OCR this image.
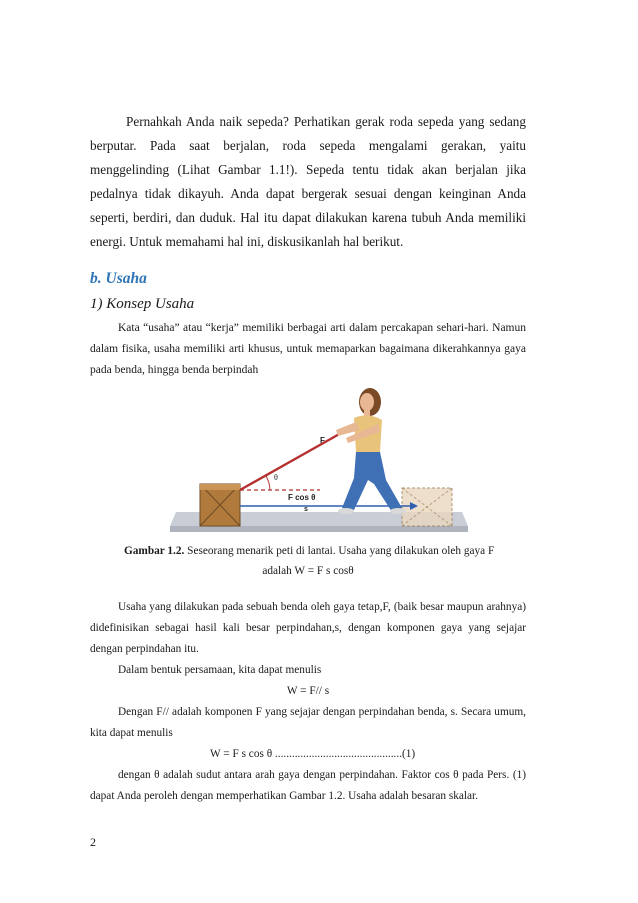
Pernahkah Anda naik sepeda? Perhatikan gerak roda sepeda yang sedang berputar. Pada saat berjalan, roda sepeda mengalami gerakan, yaitu menggelinding (Lihat Gambar 1.1!). Sepeda tentu tidak akan berjalan jika pedalnya tidak dikayuh. Anda dapat bergerak sesuai dengan keinginan Anda seperti, berdiri, dan duduk. Hal itu dapat dilakukan karena tubuh Anda memiliki energi. Untuk memahami hal ini, diskusikanlah hal berikut.

b. Usaha
1) Konsep Usaha

Kata “usaha” atau “kerja” memiliki berbagai arti dalam percakapan sehari-hari. Namun dalam fisika, usaha memiliki arti khusus, untuk memaparkan bagaimana dikerahkannya gaya pada benda, hingga benda berpindah

F
θ
F cos θ
s
Gambar 1.2. Seseorang menarik peti di lantai. Usaha yang dilakukan oleh gaya F
adalah W = F s cosθ

Usaha yang dilakukan pada sebuah benda oleh gaya tetap,F, (baik besar maupun arahnya) didefinisikan sebagai hasil kali besar perpindahan,s, dengan komponen gaya yang sejajar dengan perpindahan itu.

Dalam bentuk persamaan, kita dapat menulis

W = F// s

Dengan F// adalah komponen F yang sejajar dengan perpindahan benda, s. Secara umum, kita dapat menulis

W = F s cos θ .............................................(1)

dengan θ adalah sudut antara arah gaya dengan perpindahan. Faktor cos θ pada Pers. (1) dapat Anda peroleh dengan memperhatikan Gambar 1.2. Usaha adalah besaran skalar.

2
